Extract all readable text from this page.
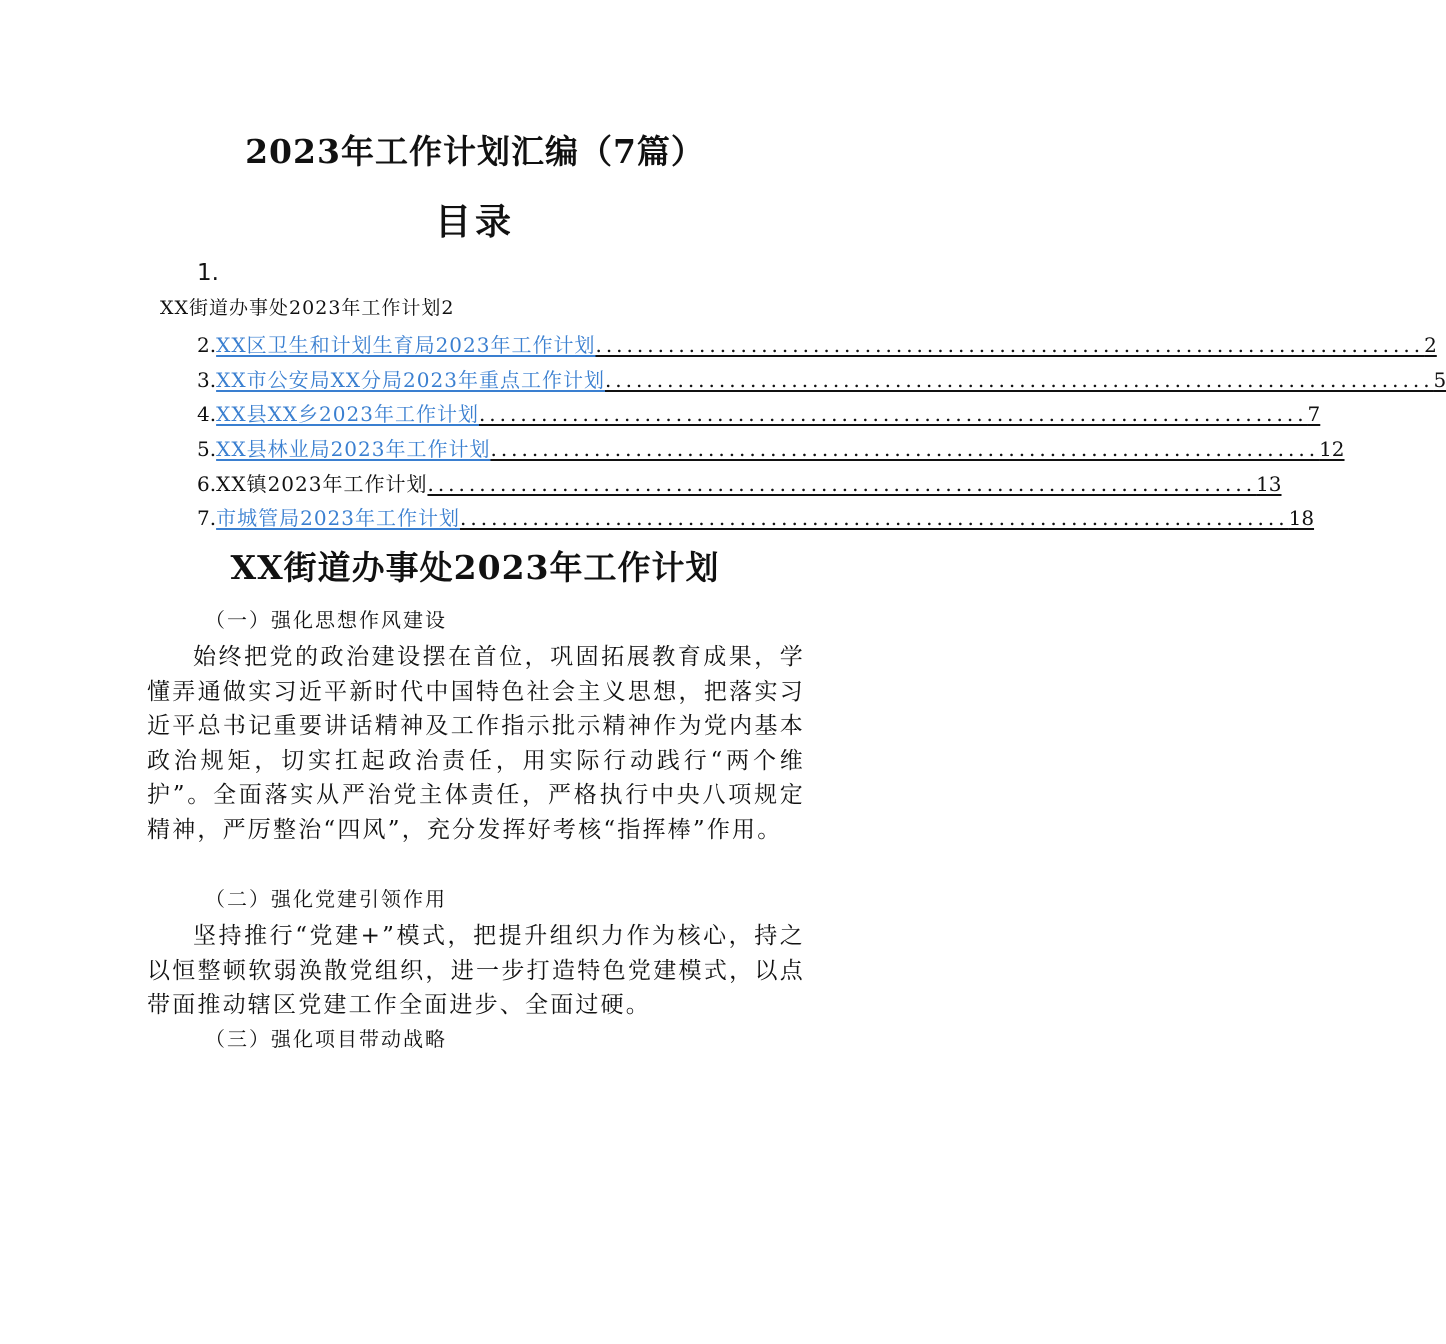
2023年工作计划汇编（7篇）
目录
1.
XX街道办事处2023年工作计划2
2. XX区卫生和计划生育局2023年工作计划 ................................................................................ 2
3. XX市公安局XX分局2023年重点工作计划 ................................................................................ 5
4. XX县XX乡2023年工作计划 ................................................................................ 7
5. XX县林业局2023年工作计划 ................................................................................ 12
6. XX镇2023年工作计划 ................................................................................ 13
7. 市城管局2023年工作计划 ................................................................................ 18
XX街道办事处2023年工作计划
（一）强化思想作风建设
始终把党的政治建设摆在首位，巩固拓展教育成果，学懂弄通做实习近平新时代中国特色社会主义思想，把落实习近平总书记重要讲话精神及工作指示批示精神作为党内基本政治规矩，切实扛起政治责任，用实际行动践行“两个维护”。全面落实从严治党主体责任，严格执行中央八项规定精神，严厉整治“四风”，充分发挥好考核“指挥棒”作用。
（二）强化党建引领作用
坚持推行“党建+”模式，把提升组织力作为核心，持之以恒整顿软弱涣散党组织，进一步打造特色党建模式，以点带面推动辖区党建工作全面进步、全面过硬。
（三）强化项目带动战略
